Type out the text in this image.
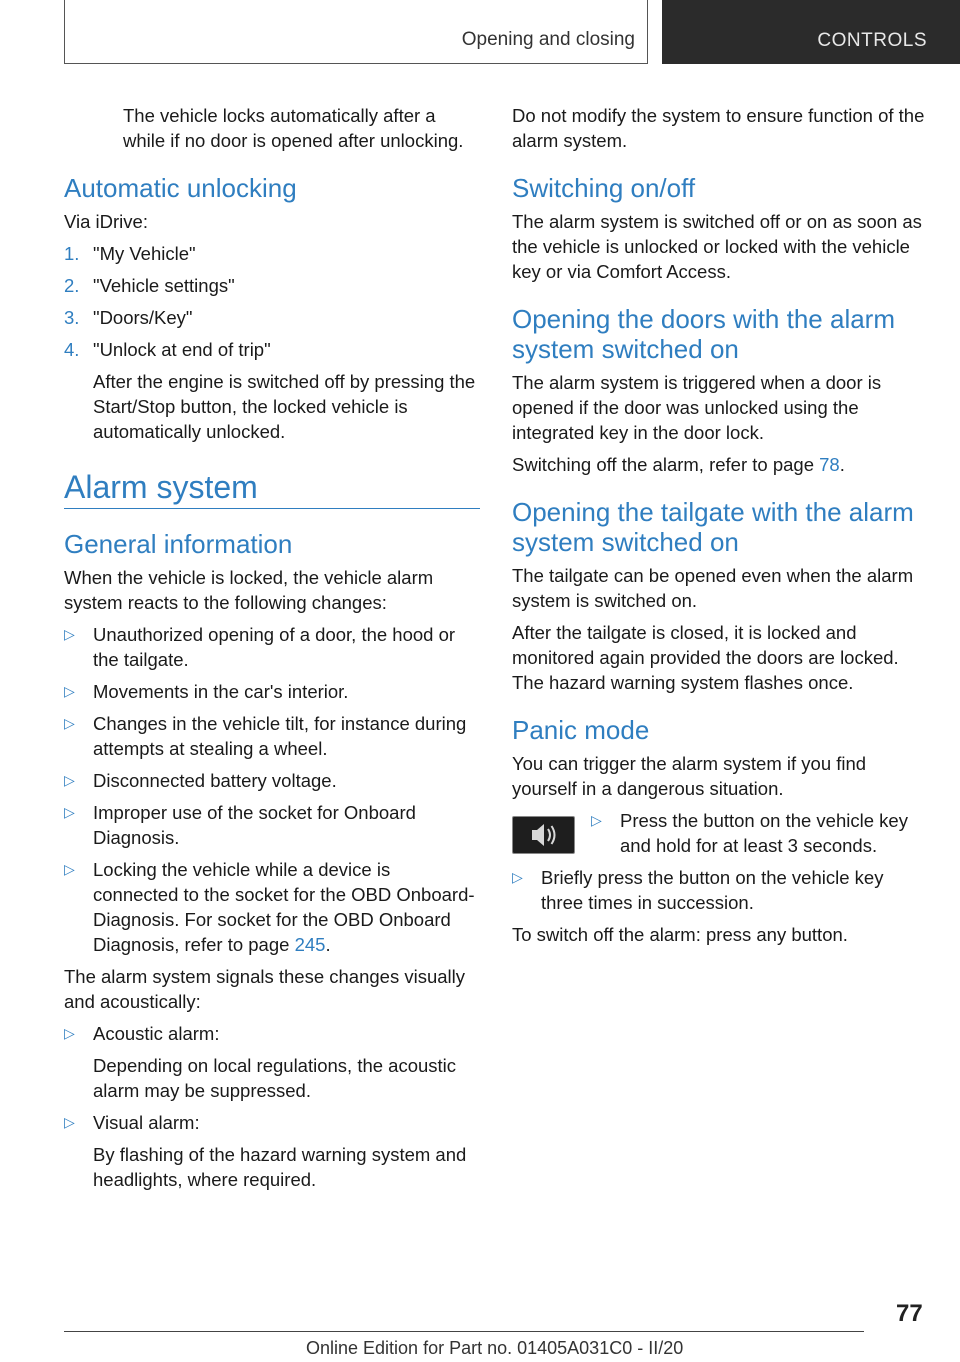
Opening and closing	CONTROLS

The vehicle locks automatically after a while if no door is opened after unlocking.

Automatic unlocking

Via iDrive:

1. "My Vehicle"
2. "Vehicle settings"
3. "Doors/Key"
4. "Unlock at end of trip"
After the engine is switched off by pressing the Start/Stop button, the locked vehicle is automatically unlocked.
Alarm system
General information

When the vehicle is locked, the vehicle alarm system reacts to the following changes:

▷ Unauthorized opening of a door, the hood or the tailgate.
▷ Movements in the car's interior.
▷ Changes in the vehicle tilt, for instance during attempts at stealing a wheel.
▷ Disconnected battery voltage.
▷ Improper use of the socket for Onboard Diagnosis.
▷ Locking the vehicle while a device is connected to the socket for the OBD Onboard-Diagnosis. For socket for the OBD Onboard Diagnosis, refer to page 245.

The alarm system signals these changes visually and acoustically:

▷ Acoustic alarm:
Depending on local regulations, the acoustic alarm may be suppressed.
▷ Visual alarm:
By flashing of the hazard warning system and headlights, where required.

Do not modify the system to ensure function of the alarm system.

Switching on/off

The alarm system is switched off or on as soon as the vehicle is unlocked or locked with the vehicle key or via Comfort Access.

Opening the doors with the alarm system switched on

The alarm system is triggered when a door is opened if the door was unlocked using the integrated key in the door lock.

Switching off the alarm, refer to page 78.

Opening the tailgate with the alarm system switched on

The tailgate can be opened even when the alarm system is switched on.

After the tailgate is closed, it is locked and monitored again provided the doors are locked. The hazard warning system flashes once.

Panic mode

You can trigger the alarm system if you find yourself in a dangerous situation.

▷ Press the button on the vehicle key and hold for at least 3 seconds.
▷ Briefly press the button on the vehicle key three times in succession.

To switch off the alarm: press any button.

77
Online Edition for Part no. 01405A031C0 - II/20
